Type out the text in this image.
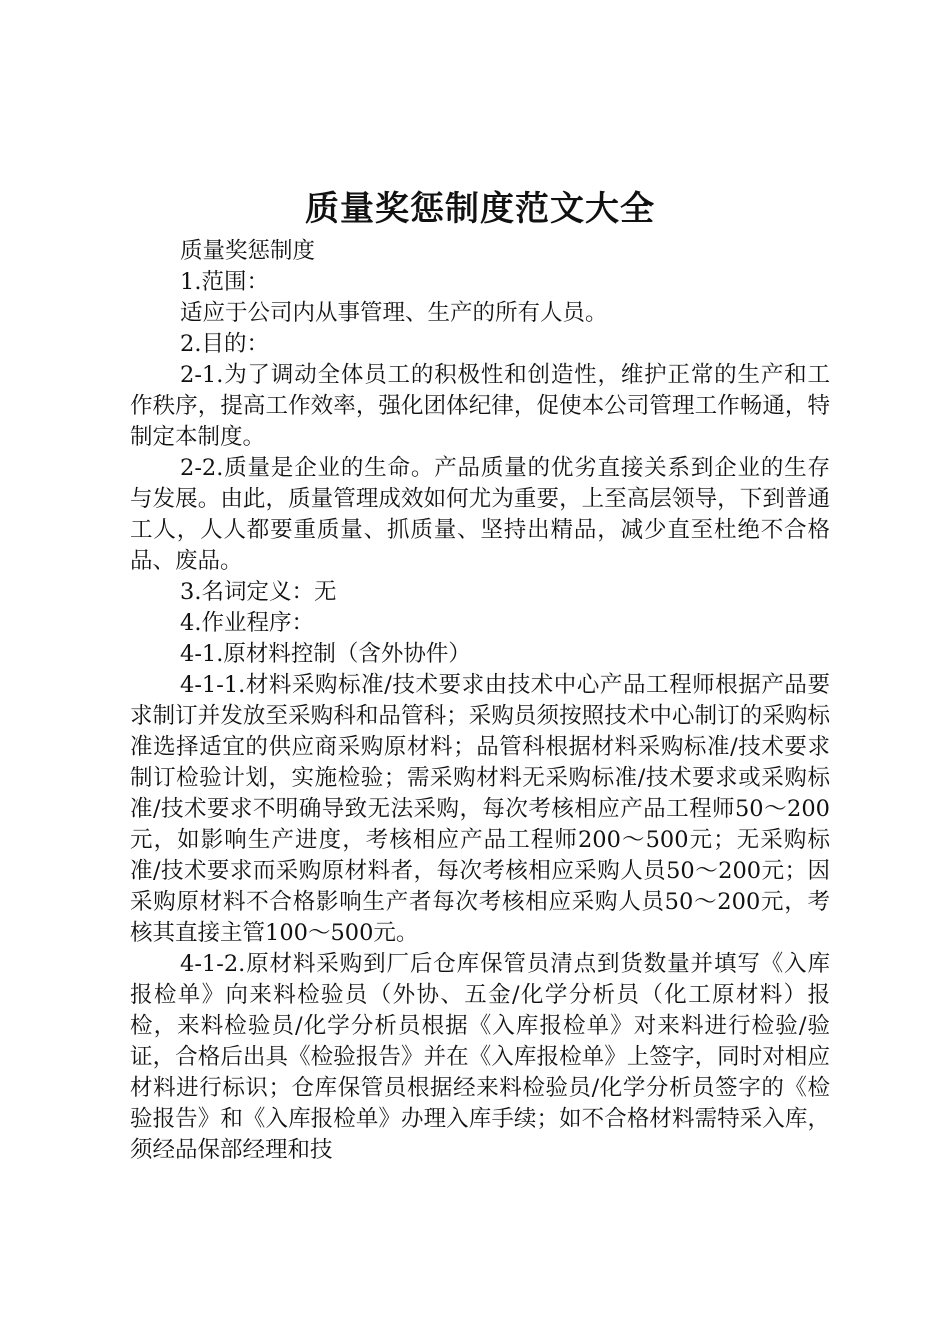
质量奖惩制度范文大全

质量奖惩制度

1.范围：

适应于公司内从事管理、生产的所有人员。

2.目的：

2-1.为了调动全体员工的积极性和创造性，维护正常的生产和工作秩序，提高工作效率，强化团体纪律，促使本公司管理工作畅通，特制定本制度。

2-2.质量是企业的生命。产品质量的优劣直接关系到企业的生存与发展。由此，质量管理成效如何尤为重要，上至高层领导，下到普通工人，人人都要重质量、抓质量、坚持出精品，减少直至杜绝不合格品、废品。

3.名词定义：无

4.作业程序：

4-1.原材料控制（含外协件）

4-1-1.材料采购标准/技术要求由技术中心产品工程师根据产品要求制订并发放至采购科和品管科；采购员须按照技术中心制订的采购标准选择适宜的供应商采购原材料；品管科根据材料采购标准/技术要求制订检验计划，实施检验；需采购材料无采购标准/技术要求或采购标准/技术要求不明确导致无法采购，每次考核相应产品工程师50～200元，如影响生产进度，考核相应产品工程师200～500元；无采购标准/技术要求而采购原材料者，每次考核相应采购人员50～200元；因采购原材料不合格影响生产者每次考核相应采购人员50～200元，考核其直接主管100～500元。

4-1-2.原材料采购到厂后仓库保管员清点到货数量并填写《入库报检单》向来料检验员（外协、五金/化学分析员（化工原材料）报检，来料检验员/化学分析员根据《入库报检单》对来料进行检验/验证，合格后出具《检验报告》并在《入库报检单》上签字，同时对相应材料进行标识；仓库保管员根据经来料检验员/化学分析员签字的《检验报告》和《入库报检单》办理入库手续；如不合格材料需特采入库，须经品保部经理和技
